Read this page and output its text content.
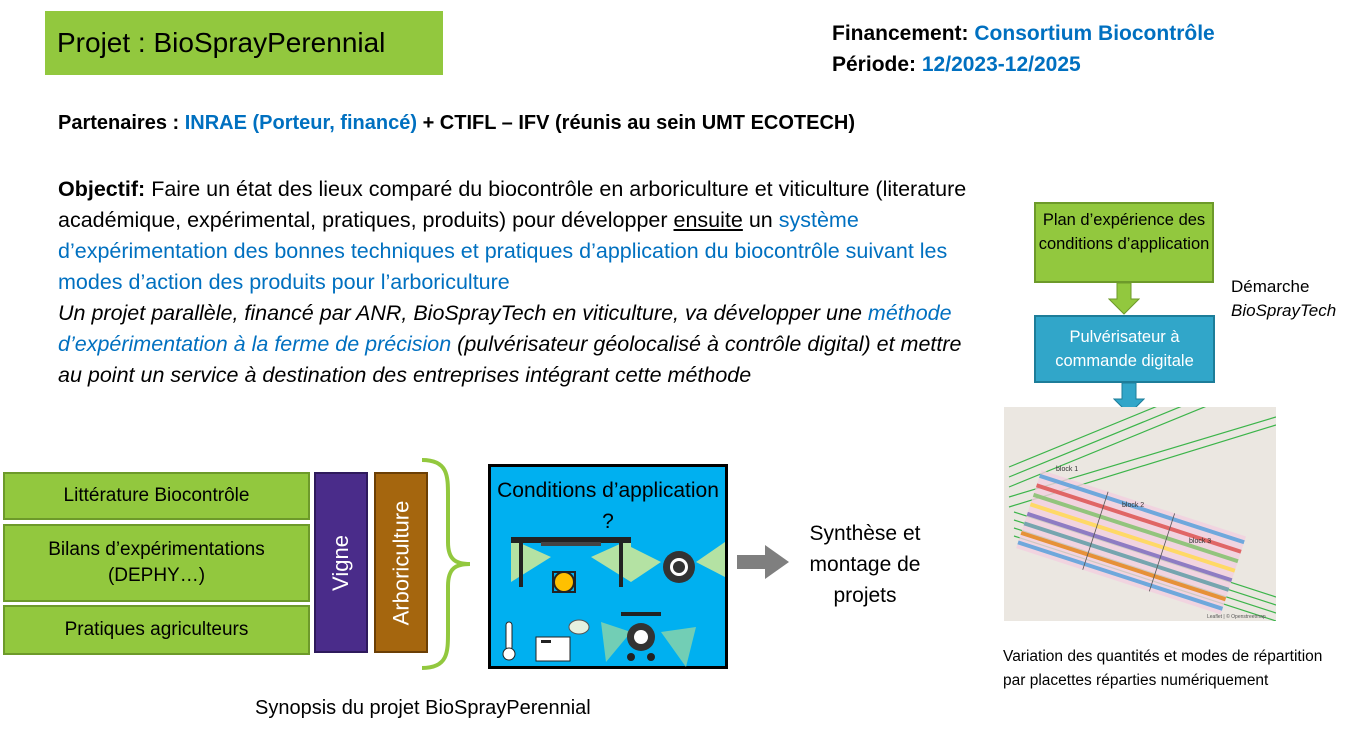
Projet : BioSprayPerennial	Financement: Consortium Biocontrôle
Période: 12/2023-12/2025
Partenaires : INRAE (Porteur, financé) + CTIFL – IFV (réunis au sein UMT ECOTECH)
Objectif: Faire un état des lieux comparé du biocontrôle en arboriculture et viticulture (literature académique, expérimental, pratiques, produits) pour développer ensuite un système d’expérimentation des bonnes techniques et pratiques d’application du biocontrôle suivant les modes d’action des produits pour l’arboriculture
Un projet parallèle, financé par ANR, BioSprayTech en viticulture, va développer une méthode d’expérimentation à la ferme de précision (pulvérisateur géolocalisé à contrôle digital) et mettre au point un service à destination des entreprises intégrant cette méthode
Littérature Biocontrôle
Bilans d’expérimentations (DEPHY…)
Pratiques agriculteurs
Vigne Arboriculture
Conditions d’application ?
Synthèse et montage de projets
Synopsis du projet BioSprayPerennial
Plan d’expérience des conditions d’application
Pulvérisateur à commande digitale
Démarche
BioSprayTech
block 1
block 2
block 3
Leaflet | © Openstreetmap
Variation des quantités et modes de répartition par placettes réparties numériquement
